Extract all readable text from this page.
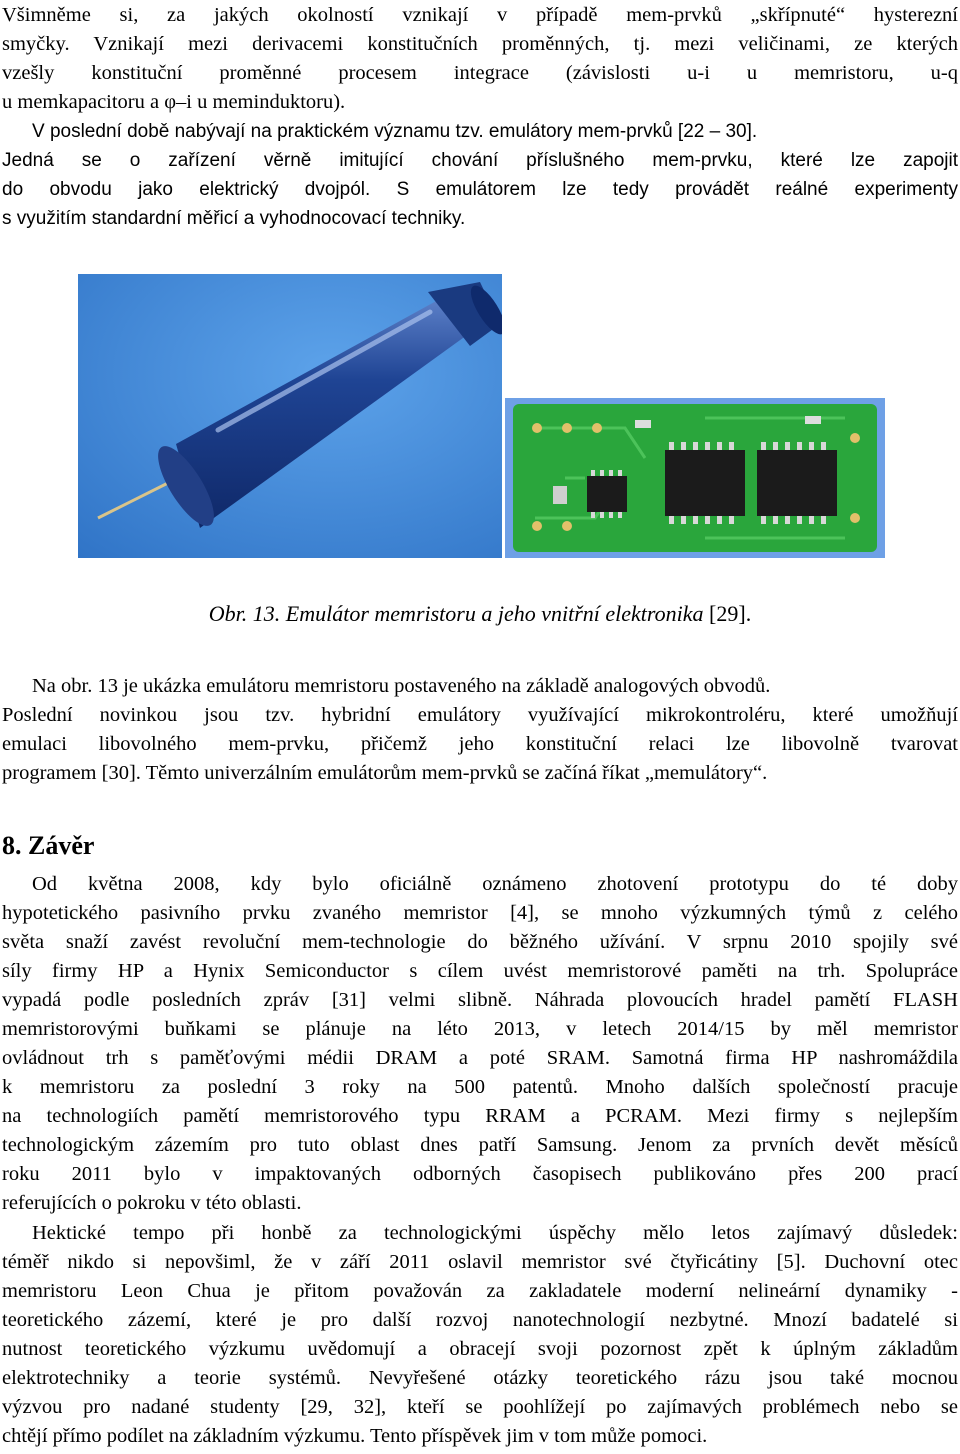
Všimněme si, za jakých okolností vznikají v případě mem-prvků „skřípnuté“ hysterezní

smyčky. Vznikají mezi derivacemi konstitučních proměnných, tj. mezi veličinami, ze kterých

vzešly konstituční proměnné procesem integrace (závislosti u-i u memristoru, u-q

u memkapacitoru a φ–i u meminduktoru).

V poslední době nabývají na praktickém významu tzv. emulátory mem-prvků [22 – 30].

Jedná se o zařízení věrně imitující chování příslušného mem-prvku, které lze zapojit

do obvodu jako elektrický dvojpól. S emulátorem lze tedy provádět reálné experimenty

s využitím standardní měřicí a vyhodnocovací techniky.

Obr. 13. Emulátor memristoru a jeho vnitřní elektronika [29].

Na obr. 13 je ukázka emulátoru memristoru postaveného na základě analogových obvodů.

Poslední novinkou jsou tzv. hybridní emulátory využívající mikrokontroléru, které umožňují

emulaci libovolného mem-prvku, přičemž jeho konstituční relaci lze libovolně tvarovat

programem [30]. Těmto univerzálním emulátorům mem-prvků se začíná říkat „memulátory“.

8. Závěr

Od května 2008, kdy bylo oficiálně oznámeno zhotovení prototypu do té doby

hypotetického pasivního prvku zvaného memristor [4], se mnoho výzkumných týmů z celého

světa snaží zavést revoluční mem-technologie do běžného užívání. V srpnu 2010 spojily své

síly firmy HP a Hynix Semiconductor s cílem uvést memristorové paměti na trh. Spolupráce

vypadá podle posledních zpráv [31] velmi slibně. Náhrada plovoucích hradel pamětí FLASH

memristorovými buňkami se plánuje na léto 2013, v letech 2014/15 by měl memristor

ovládnout trh s paměťovými médii DRAM a poté SRAM. Samotná firma HP nashromáždila

k memristoru za poslední 3 roky na 500 patentů. Mnoho dalších společností pracuje

na technologiích pamětí memristorového typu RRAM a PCRAM. Mezi firmy s nejlepším

technologickým zázemím pro tuto oblast dnes patří Samsung. Jenom za prvních devět měsíců

roku 2011 bylo v impaktovaných odborných časopisech publikováno přes 200 prací

referujících o pokroku v této oblasti.

Hektické tempo při honbě za technologickými úspěchy mělo letos zajímavý důsledek:

téměř nikdo si nepovšiml, že v září 2011 oslavil memristor své čtyřicátiny [5]. Duchovní otec

memristoru Leon Chua je přitom považován za zakladatele moderní nelineární dynamiky -

teoretického zázemí, které je pro další rozvoj nanotechnologií nezbytné. Mnozí badatelé si

nutnost teoretického výzkumu uvědomují a obracejí svoji pozornost zpět k úplným základům

elektrotechniky a teorie systémů. Nevyřešené otázky teoretického rázu jsou také mocnou

výzvou pro nadané studenty [29, 32], kteří se poohlížejí po zajímavých problémech nebo se

chtějí přímo podílet na základním výzkumu. Tento příspěvek jim v tom může pomoci.
